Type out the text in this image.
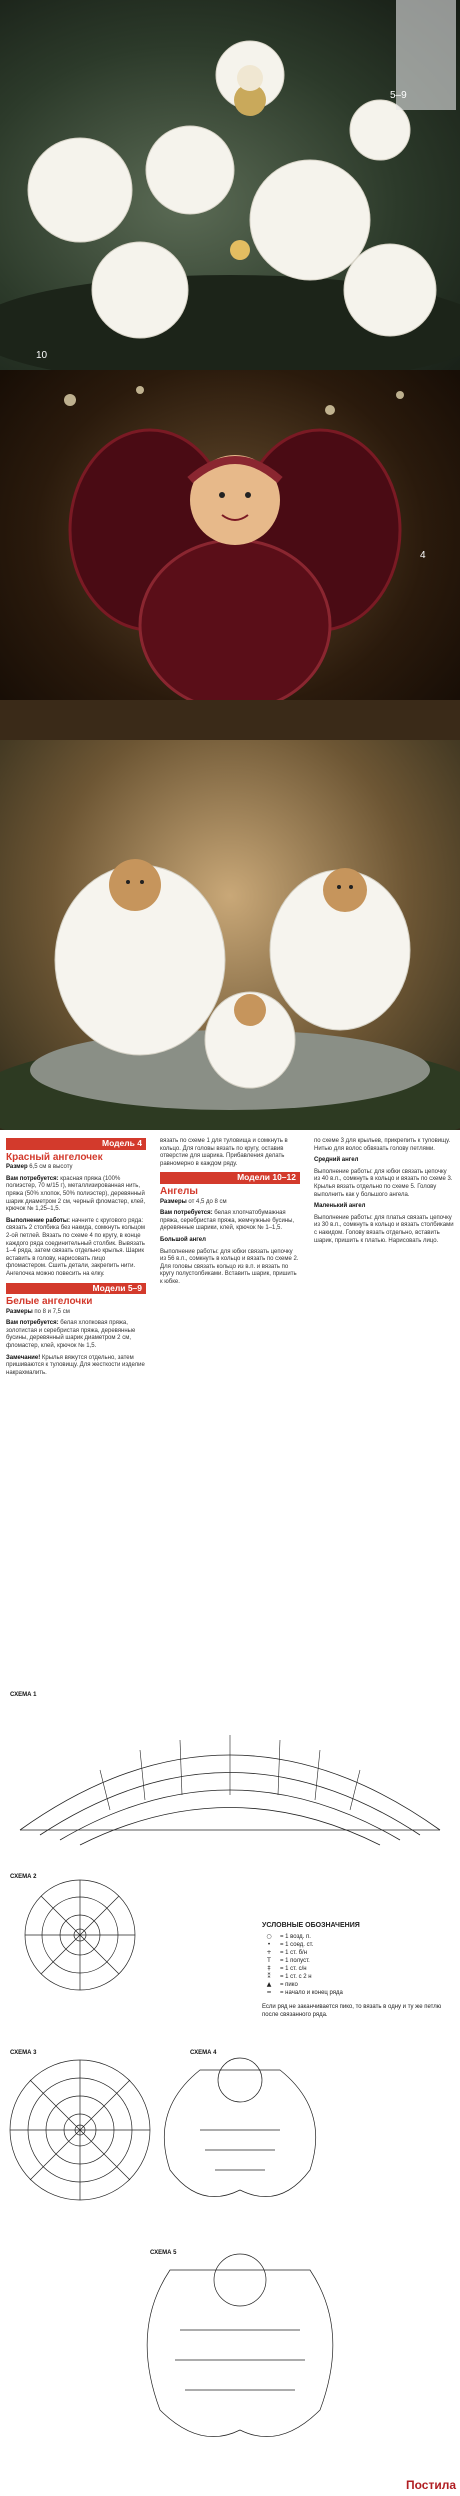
5–9
10
4
Модель 4
Красный ангелочек

Размер 6,5 см в высоту

Вам потребуется: красная пряжа (100% полиэстер, 70 м/15 г), металлизированная нить, пряжа (50% хлопок, 50% полиэстер), деревянный шарик диаметром 2 см, черный фломастер, клей, крючок № 1,25–1,5.

Выполнение работы: начните с кругового ряда: связать 2 столбика без накида, сомкнуть кольцом 2-ой петлей. Вязать по схеме 4 по кругу, в конце каждого ряда соединительный столбик. Вывязать 1–4 ряда, затем связать отдельно крылья. Шарик вставить в голову, нарисовать лицо фломастером. Сшить детали, закрепить нити. Ангелочка можно повесить на елку.

Модели 5–9
Белые ангелочки

Размеры по 8 и 7,5 см

Вам потребуется: белая хлопковая пряжа, золотистая и серебристая пряжа, деревянные бусины, деревянный шарик диаметром 2 см, фломастер, клей, крючок № 1,5.

Замечание! Крылья вяжутся отдельно, затем пришиваются к туловищу. Для жесткости изделие накрахмалить.

вязать по схеме 1 для туловища и сомкнуть в кольцо. Для головы вязать по кругу, оставив отверстие для шарика. Прибавления делать равномерно в каждом ряду.

Модели 10–12
Ангелы

Размеры от 4,5 до 8 см

Вам потребуется: белая хлопчатобумажная пряжа, серебристая пряжа, жемчужные бусины, деревянные шарики, клей, крючок № 1–1,5.

Большой ангел

Выполнение работы: для юбки связать цепочку из 56 в.п., сомкнуть в кольцо и вязать по схеме 2. Для головы связать кольцо из в.п. и вязать по кругу полустолбиками. Вставить шарик, пришить к юбке.

по схеме 3 для крыльев, прикрепить к туловищу. Нитью для волос обвязать голову петлями.

Средний ангел

Выполнение работы: для юбки связать цепочку из 40 в.п., сомкнуть в кольцо и вязать по схеме 3. Крылья вязать отдельно по схеме 5. Голову выполнить как у большого ангела.

Маленький ангел

Выполнение работы: для платья связать цепочку из 30 в.п., сомкнуть в кольцо и вязать столбиками с накидом. Голову вязать отдельно, вставить шарик, пришить к платью. Нарисовать лицо.

СХЕМА 1
СХЕМА 2
СХЕМА 3	СХЕМА 4
СХЕМА 5
УСЛОВНЫЕ ОБОЗНАЧЕНИЯ
○	= 1 возд. п.
•	= 1 соед. ст.
+	= 1 ст. б/н
T	= 1 полуст.
‡	= 1 ст. с/н
⁑	= 1 ст. с 2 н
▲	= пико
━	= начало и конец ряда

Если ряд не заканчивается пико, то вязать в одну и ту же петлю после связанного ряда.

Постила
